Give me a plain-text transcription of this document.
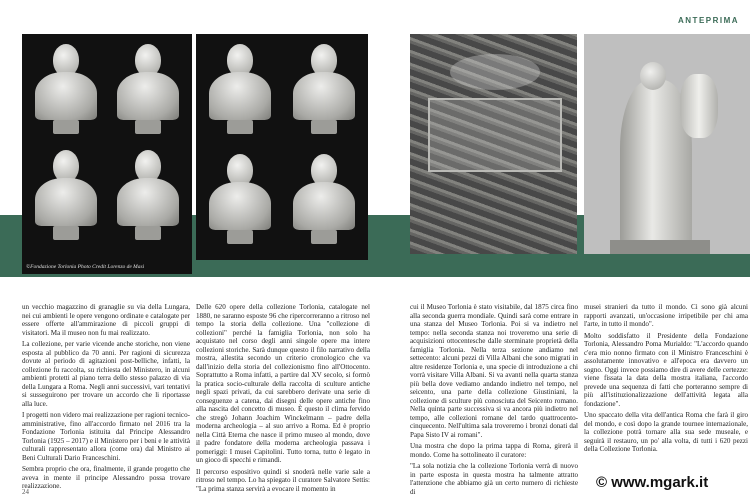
ANTEPRIMA
©Fondazione Torlonia Photo Credit Lorenzo de Masi

un vecchio magazzino di granaglie su via della Lungara, nei cui ambienti le opere vengono ordinate e catalogate per essere offerte all'ammirazione di piccoli gruppi di visitatori. Ma il museo non fu mai realizzato.

La collezione, per varie vicende anche storiche, non viene esposta al pubblico da 70 anni. Per ragioni di sicurezza dovute al periodo di agitazioni post-belliche, infatti, la collezione fu raccolta, su richiesta del Ministero, in alcuni ambienti protetti al piano terra dello stesso palazzo di via della Lungara a Roma. Negli anni successivi, vari tentativi si susseguirono per trovare un accordo che li riportasse alla luce.

I progetti non videro mai realizzazione per ragioni tecnico-amministrative, fino all'accordo firmato nel 2016 tra la Fondazione Torlonia istituita dal Principe Alessandro Torlonia (1925 – 2017) e il Ministero per i beni e le attività culturali rappresentato allora (come ora) dal Ministro ai Beni Culturali Dario Franceschini.

Sembra proprio che ora, finalmente, il grande progetto che aveva in mente il principe Alessandro possa trovare realizzazione.

Delle 620 opere della collezione Torlonia, catalogate nel 1880, ne saranno esposte 96 che ripercorreranno a ritroso nel tempo la storia della collezione. Una "collezione di collezioni" perché la famiglia Torlonia, non solo ha acquistato nel corso degli anni singole opere ma intere collezioni storiche. Sarà dunque questo il filo narrativo della mostra, allestita secondo un criterio cronologico che va dall'inizio della storia del collezionismo fino all'Ottocento. Soprattutto a Roma infatti, a partire dal XV secolo, si formò la pratica socio-culturale della raccolta di sculture antiche negli spazi privati, da cui sarebbero derivate una serie di conseguenze a catena, dai disegni delle opere antiche fino alla nascita del concetto di museo. È questo il clima fervido che stregò Johann Joachim Winckelmann – padre della moderna archeologia – al suo arrivo a Roma. Ed è proprio nella Città Eterna che nasce il primo museo al mondo, dove il padre fondatore della moderna archeologia passava i pomeriggi: I musei Capitolini. Tutto torna, tutto è legato in un gioco di specchi e rimandi.

Il percorso espositivo quindi si snoderà nelle varie sale a ritroso nel tempo. Lo ha spiegato il curatore Salvatore Settis: "La prima stanza servirà a evocare il momento in

cui il Museo Torlonia è stato visitabile, dal 1875 circa fino alla seconda guerra mondiale. Quindi sarà come entrare in una stanza del Museo Torlonia. Poi si va indietro nel tempo: nella seconda stanza noi troveremo una serie di acquisizioni ottocentesche dalle sterminate proprietà della famiglia Torlonia. Nella terza sezione andiamo nel settecento: alcuni pezzi di Villa Albani che sono migrati in altre residenze Torlonia e, una specie di introduzione a chi vorrà visitare Villa Albani. Si va avanti nella quarta stanza più bella dove vediamo andando indietro nel tempo, nel seicento, una parte della collezione Giustiniani, la collezione di sculture più conosciuta del Seicento romano. Nella quinta parte successiva si va ancora più indietro nel tempo, alle collezioni romane del tardo quattrocento-cinquecento. Nell'ultima sala troveremo i bronzi donati dal Papa Sisto IV ai romani".

Una mostra che dopo la prima tappa di Roma, girerà il mondo. Come ha sottolineato il curatore:

"La sola notizia che la collezione Torlonia verrà di nuovo in parte esposta in questa mostra ha talmente attratto l'attenzione che abbiamo già un certo numero di richieste di

musei stranieri da tutto il mondo. Ci sono già alcuni rapporti avanzati, un'occasione irripetibile per chi ama l'arte, in tutto il mondo".

Molto soddisfatto il Presidente della Fondazione Torlonia, Alessandro Poma Murialdo: "L'accordo quando c'era mio nonno firmato con il Ministro Franceschini è assolutamente innovativo e all'epoca era davvero un sogno. Oggi invece possiamo dire di avere delle certezze: viene fissata la data della mostra italiana, l'accordo prevede una sequenza di fatti che porteranno sempre di più all'istituzionalizzazione dell'attività legata alla fondazione".

Uno spaccato della vita dell'antica Roma che farà il giro del mondo, e così dopo la grande tournee internazionale, la collezione potrà tornare alla sua sede museale, e seguirà il restauro, un po' alla volta, di tutti i 620 pezzi della Collezione Torlonia.

24
© www.mgark.it
